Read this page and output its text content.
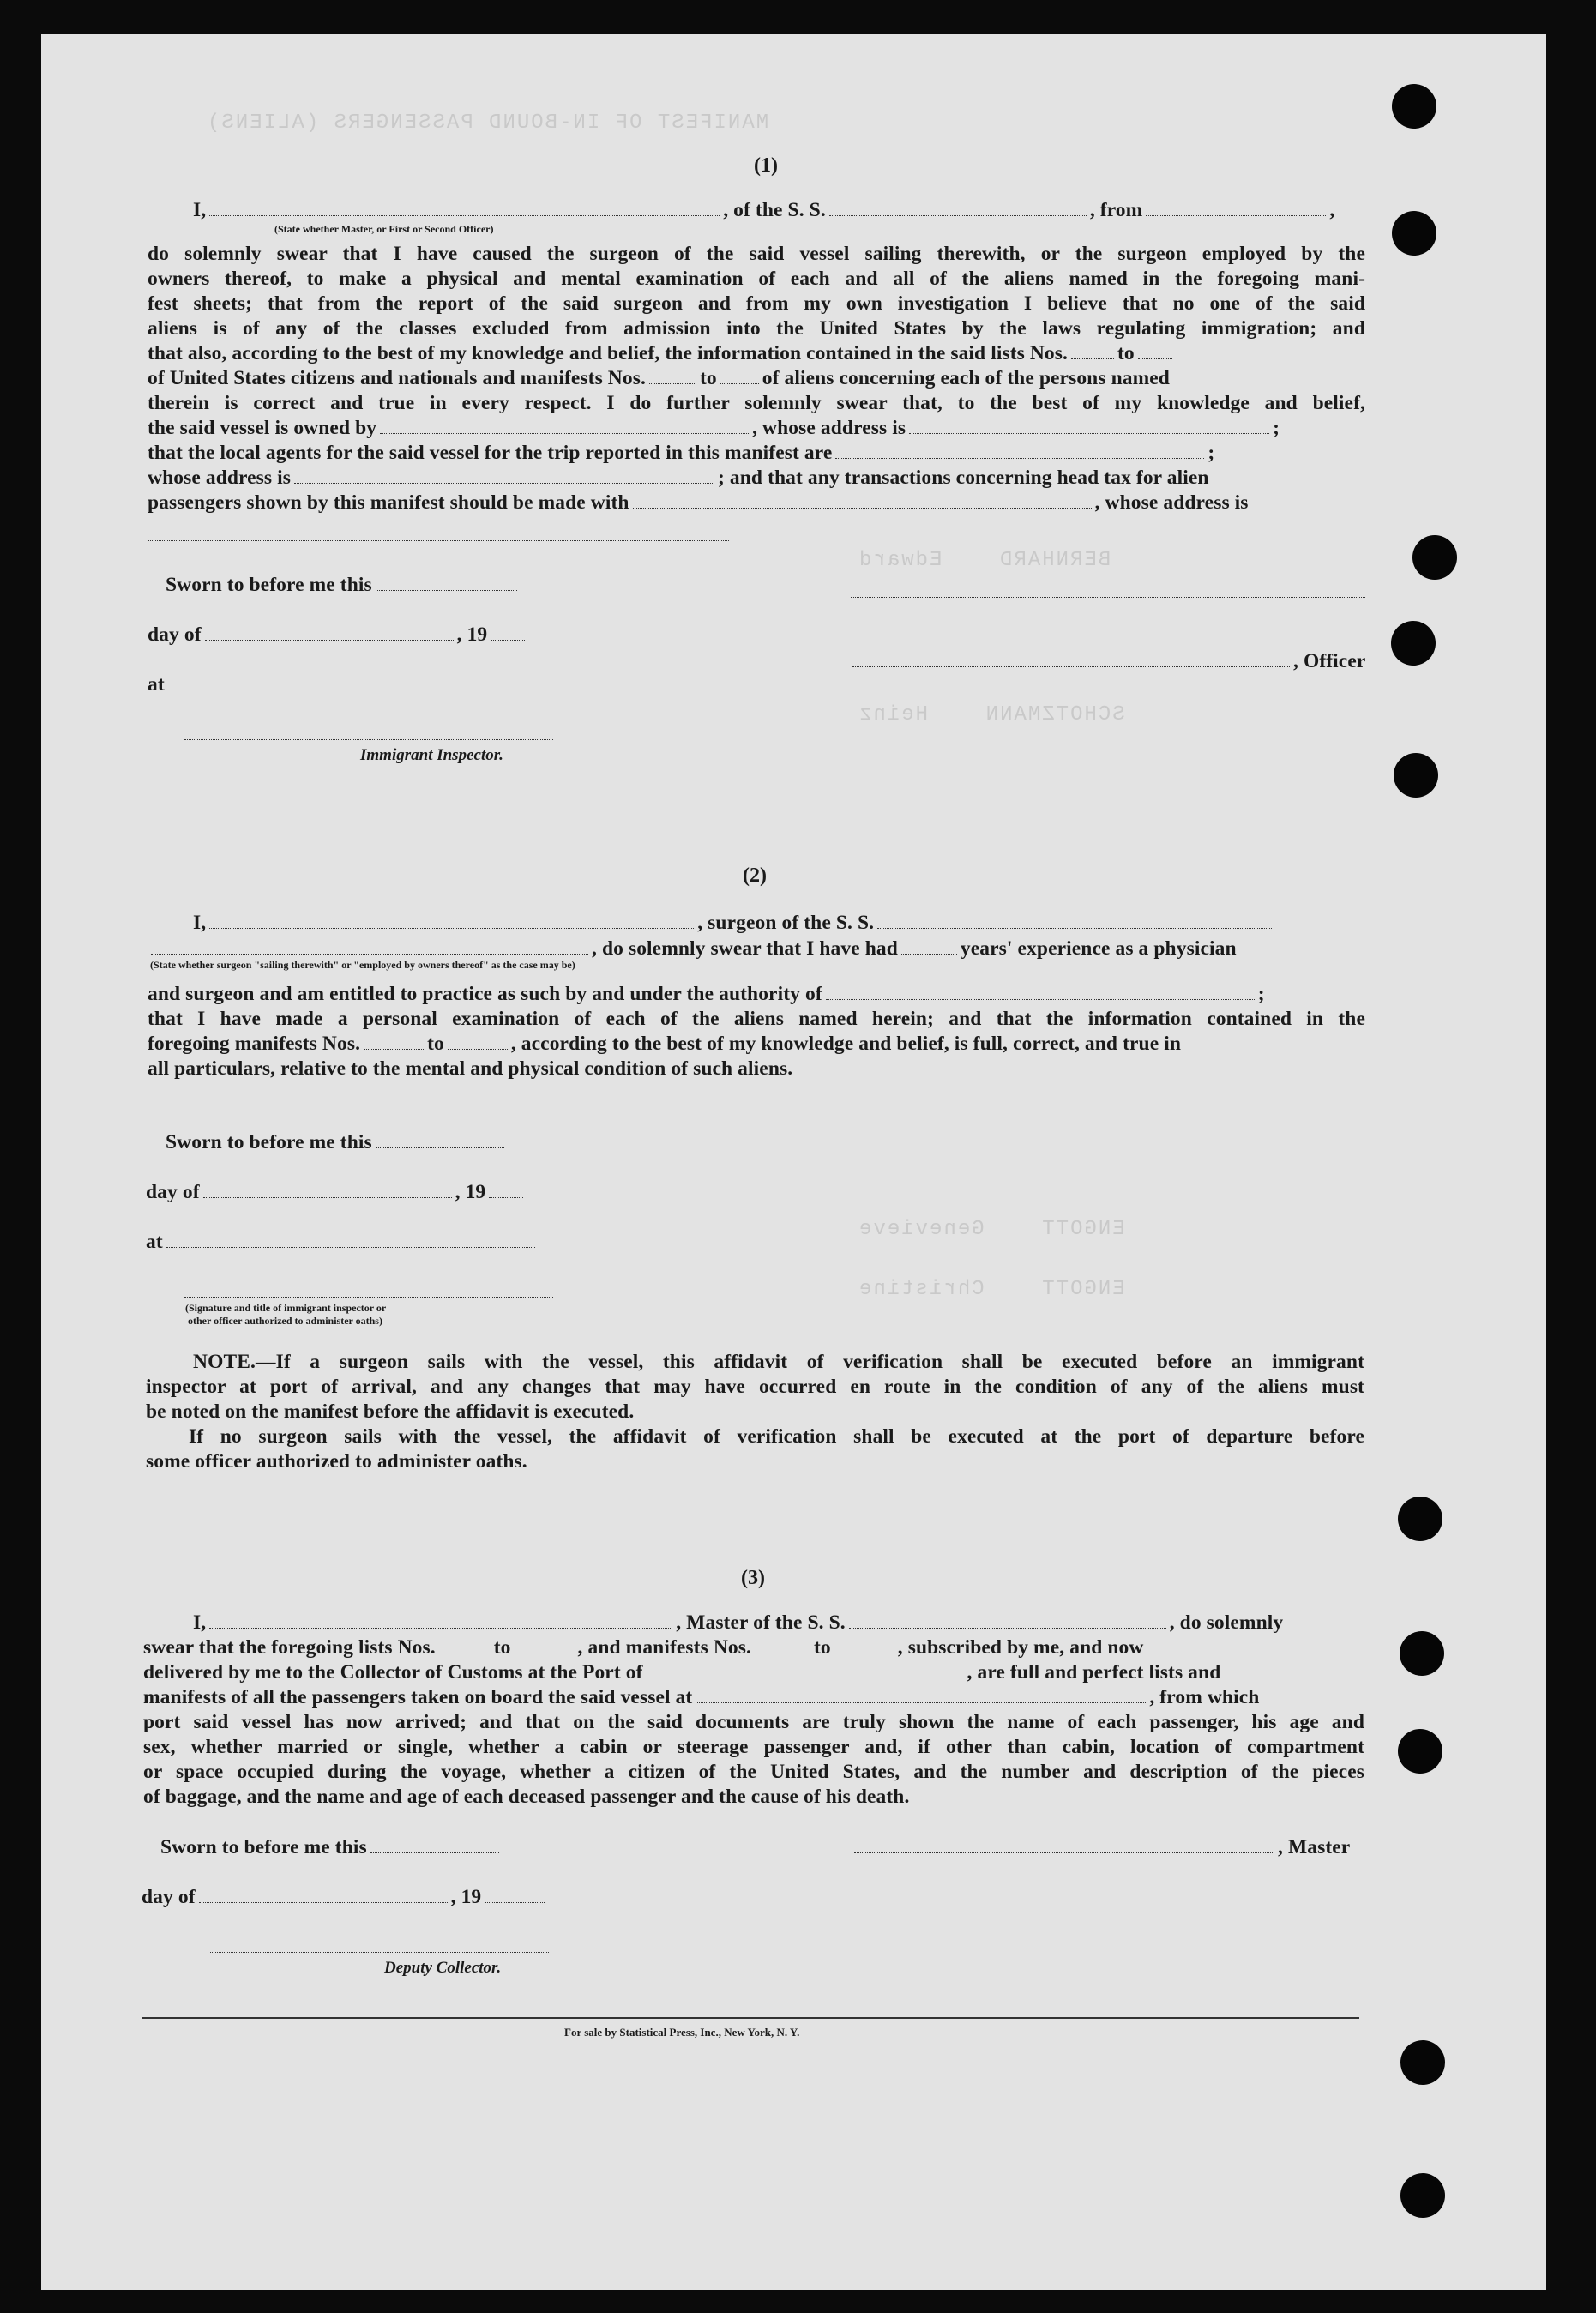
MANIFEST OF IN-BOUND PASSENGERS (ALIENS)
BERNHARD    Edward
SCHOTZMANN    Heinz
ENGOTT    Genevieve
ENGOTT    Christine
(1)
I,	, of the S. S.	, from	,
(State whether Master, or First or Second Officer)
do solemnly swear that I have caused the surgeon of the said vessel sailing therewith, or the surgeon employed by the
owners thereof, to make a physical and mental examination of each and all of the aliens named in the foregoing mani-
fest sheets; that from the report of the said surgeon and from my own investigation I believe that no one of the said
aliens is of any of the classes excluded from admission into the United States by the laws regulating immigration; and
that also, according to the best of my knowledge and belief, the information contained in the said lists Nos. to
of United States citizens and nationals and manifests Nos.	to of aliens concerning each of the persons named
therein is correct and true in every respect. I do further solemnly swear that, to the best of my knowledge and belief,
the said vessel is owned by	, whose address is	;
that the local agents for the said vessel for the trip reported in this manifest are	;
whose address is	; and that any transactions concerning head tax for alien
passengers shown by this manifest should be made with	, whose address is
Sworn to before me this
day of	, 19
, Officer
at
Immigrant Inspector.
(2)
I,	, surgeon of the S. S.
, do solemnly swear that I have had	years' experience as a physician
(State whether surgeon "sailing therewith" or "employed by owners thereof" as the case may be)
and surgeon and am entitled to practice as such by and under the authority of	;
that I have made a personal examination of each of the aliens named herein; and that the information contained in the
foregoing manifests Nos.	to	, according to the best of my knowledge and belief, is full, correct, and true in
all particulars, relative to the mental and physical condition of such aliens.
Sworn to before me this
day of	, 19
at
(Signature and title of immigrant inspector or
other officer authorized to administer oaths)
NOTE.—If a surgeon sails with the vessel, this affidavit of verification shall be executed before an immigrant
inspector at port of arrival, and any changes that may have occurred en route in the condition of any of the aliens must
be noted on the manifest before the affidavit is executed.
If no surgeon sails with the vessel, the affidavit of verification shall be executed at the port of departure before
some officer authorized to administer oaths.
(3)
I,	, Master of the S. S.	, do solemnly
swear that the foregoing lists Nos.	to	, and manifests Nos.	to	, subscribed by me, and now
delivered by me to the Collector of Customs at the Port of	, are full and perfect lists and
manifests of all the passengers taken on board the said vessel at	, from which
port said vessel has now arrived; and that on the said documents are truly shown the name of each passenger, his age and
sex, whether married or single, whether a cabin or steerage passenger and, if other than cabin, location of compartment
or space occupied during the voyage, whether a citizen of the United States, and the number and description of the pieces
of baggage, and the name and age of each deceased passenger and the cause of his death.
Sworn to before me this	, Master
day of	, 19
Deputy Collector.
For sale by Statistical Press, Inc., New York, N. Y.
